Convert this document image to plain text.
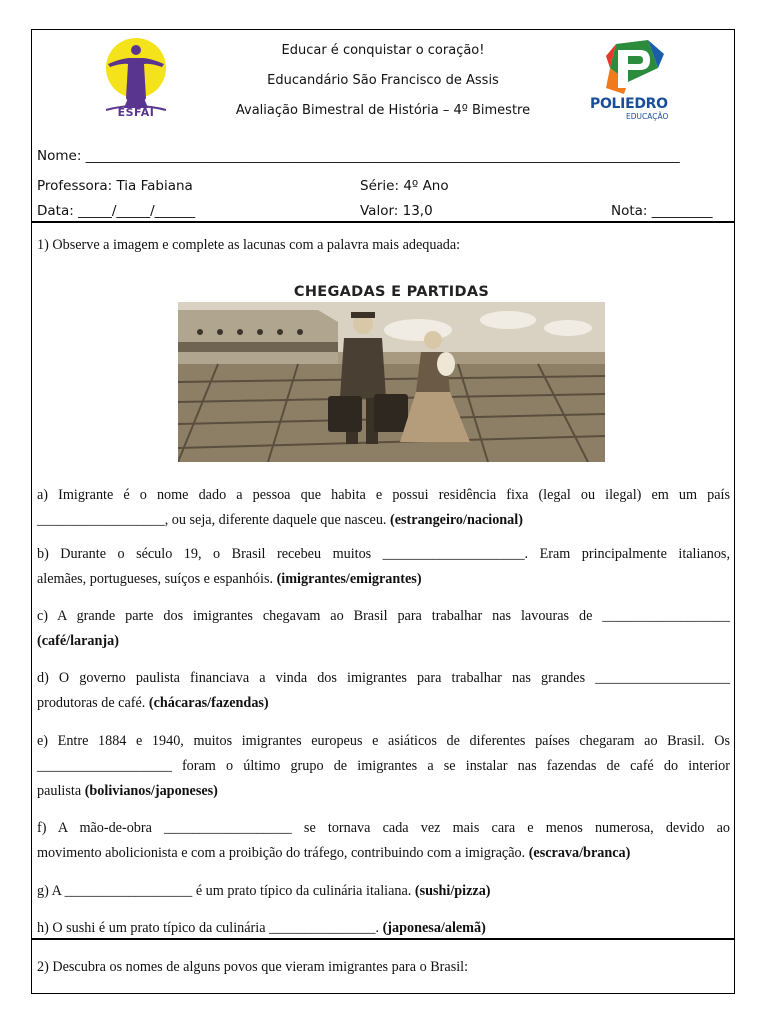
ESFAI
Educar é conquistar o coração!
Educandário São Francisco de Assis
Avaliação Bimestral de História – 4º Bimestre	POLIEDRO
EDUCAÇÃO
Nome: ________________________________________________________________________________________
Professora: Tia Fabiana	Série: 4º Ano
Data: _____/_____/______	Valor: 13,0	Nota: _________
1) Observe a imagem e complete as lacunas com a palavra mais adequada:
CHEGADAS E PARTIDAS
a) Imigrante é o nome dado a pessoa que habita e possui residência fixa (legal ou ilegal) em um país
__________________, ou seja, diferente daquele que nasceu. (estrangeiro/nacional)
b) Durante o século 19, o Brasil recebeu muitos ____________________. Eram principalmente italianos,
alemães, portugueses, suíços e espanhóis. (imigrantes/emigrantes)
c) A grande parte dos imigrantes chegavam ao Brasil para trabalhar nas lavouras de __________________
(café/laranja)
d) O governo paulista financiava a vinda dos imigrantes para trabalhar nas grandes ___________________
produtoras de café. (chácaras/fazendas)
e) Entre 1884 e 1940, muitos imigrantes europeus e asiáticos de diferentes países chegaram ao Brasil. Os
___________________ foram o último grupo de imigrantes a se instalar nas fazendas de café do interior
paulista (bolivianos/japoneses)
f) A mão-de-obra __________________ se tornava cada vez mais cara e menos numerosa, devido ao
movimento abolicionista e com a proibição do tráfego, contribuindo com a imigração. (escrava/branca)
g) A __________________ é um prato típico da culinária italiana. (sushi/pizza)
h) O sushi é um prato típico da culinária _______________. (japonesa/alemã)
2) Descubra os nomes de alguns povos que vieram imigrantes para o Brasil:
